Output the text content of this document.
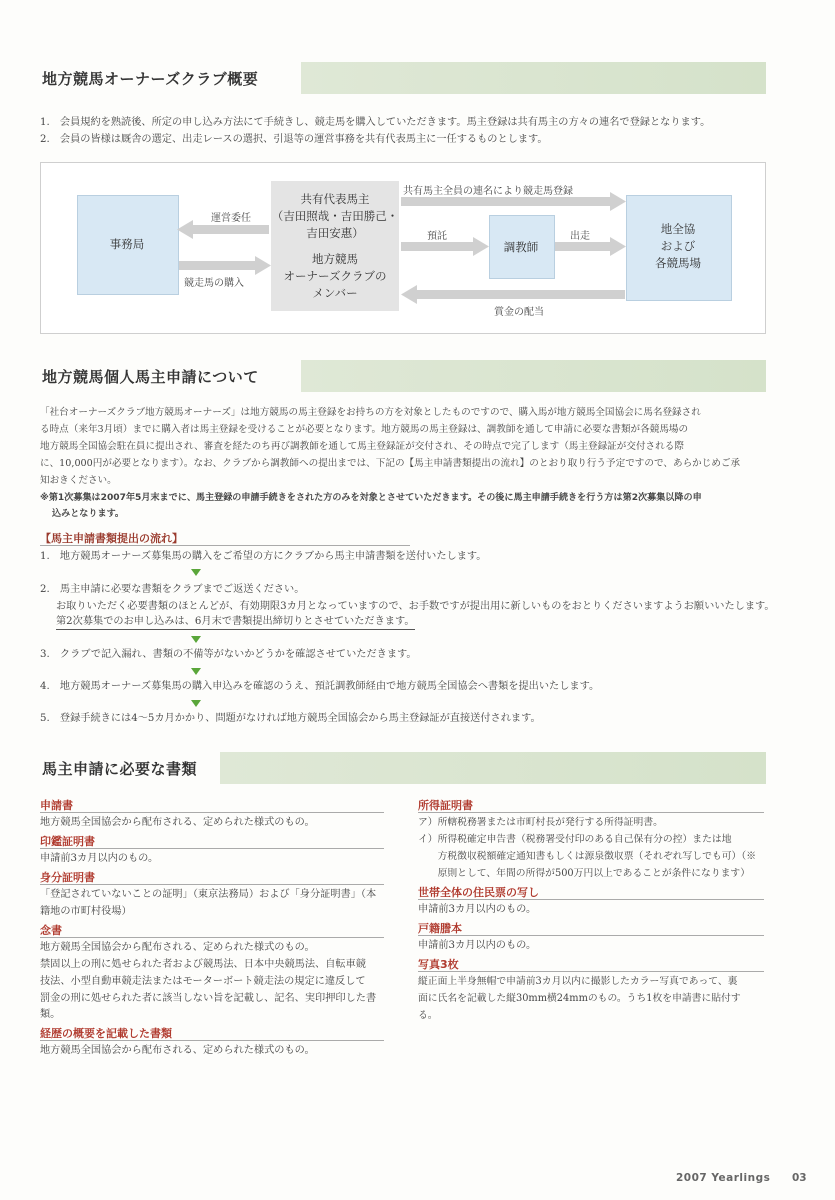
地方競馬オーナーズクラブ概要
1.　会員規約を熟読後、所定の申し込み方法にて手続きし、競走馬を購入していただきます。馬主登録は共有馬主の方々の連名で登録となります。
2.　会員の皆様は厩舎の選定、出走レースの選択、引退等の運営事務を共有代表馬主に一任するものとします。
事務局
共有代表馬主
（吉田照哉・吉田勝己・
吉田安惠）
地方競馬
オーナーズクラブの
メンバー
調教師
地全協
および
各競馬場
運営委任
競走馬の購入
共有馬主全員の連名により競走馬登録
預託	出走
賞金の配当
地方競馬個人馬主申請について
「社台オーナーズクラブ地方競馬オーナーズ」は地方競馬の馬主登録をお持ちの方を対象としたものですので、購入馬が地方競馬全国協会に馬名登録され
る時点（来年3月頃）までに購入者は馬主登録を受けることが必要となります。地方競馬の馬主登録は、調教師を通して申請に必要な書類が各競馬場の
地方競馬全国協会駐在員に提出され、審査を経たのち再び調教師を通して馬主登録証が交付され、その時点で完了します（馬主登録証が交付される際
に、10,000円が必要となります）。なお、クラブから調教師への提出までは、下記の【馬主申請書類提出の流れ】のとおり取り行う予定ですので、あらかじめご承
知おきください。
※第1次募集は2007年5月末までに、馬主登録の申請手続きをされた方のみを対象とさせていただきます。その後に馬主申請手続きを行う方は第2次募集以降の申
込みとなります。
【馬主申請書類提出の流れ】
1.　地方競馬オーナーズ募集馬の購入をご希望の方にクラブから馬主申請書類を送付いたします。
2.　馬主申請に必要な書類をクラブまでご返送ください。
お取りいただく必要書類のほとんどが、有効期限3カ月となっていますので、お手数ですが提出用に新しいものをおとりくださいますようお願いいたします。
第2次募集でのお申し込みは、6月末で書類提出締切りとさせていただきます。
3.　クラブで記入漏れ、書類の不備等がないかどうかを確認させていただきます。
4.　地方競馬オーナーズ募集馬の購入申込みを確認のうえ、預託調教師経由で地方競馬全国協会へ書類を提出いたします。
5.　登録手続きには4～5カ月かかり、問題がなければ地方競馬全国協会から馬主登録証が直接送付されます。
馬主申請に必要な書類
申請書
地方競馬全国協会から配布される、定められた様式のもの。
印鑑証明書
申請前3カ月以内のもの。
身分証明書
「登記されていないことの証明」（東京法務局）および「身分証明書」（本
籍地の市町村役場）
念書
地方競馬全国協会から配布される、定められた様式のもの。
禁固以上の刑に処せられた者および競馬法、日本中央競馬法、自転車競
技法、小型自動車競走法またはモーターボート競走法の規定に違反して
罰金の刑に処せられた者に該当しない旨を記載し、記名、実印押印した書
類。
経歴の概要を記載した書類
地方競馬全国協会から配布される、定められた様式のもの。
所得証明書
ア）所轄税務署または市町村長が発行する所得証明書。
イ）所得税確定申告書（税務署受付印のある自己保有分の控）または地
　　方税徴収税額確定通知書もしくは源泉徴収票（それぞれ写しでも可）（※
　　原則として、年間の所得が500万円以上であることが条件になります）
世帯全体の住民票の写し
申請前3カ月以内のもの。
戸籍謄本
申請前3カ月以内のもの。
写真3枚
縦正面上半身無帽で申請前3カ月以内に撮影したカラー写真であって、裏
面に氏名を記載した縦30mm横24mmのもの。うち1枚を申請書に貼付す
る。
2007 Yearlings 03
